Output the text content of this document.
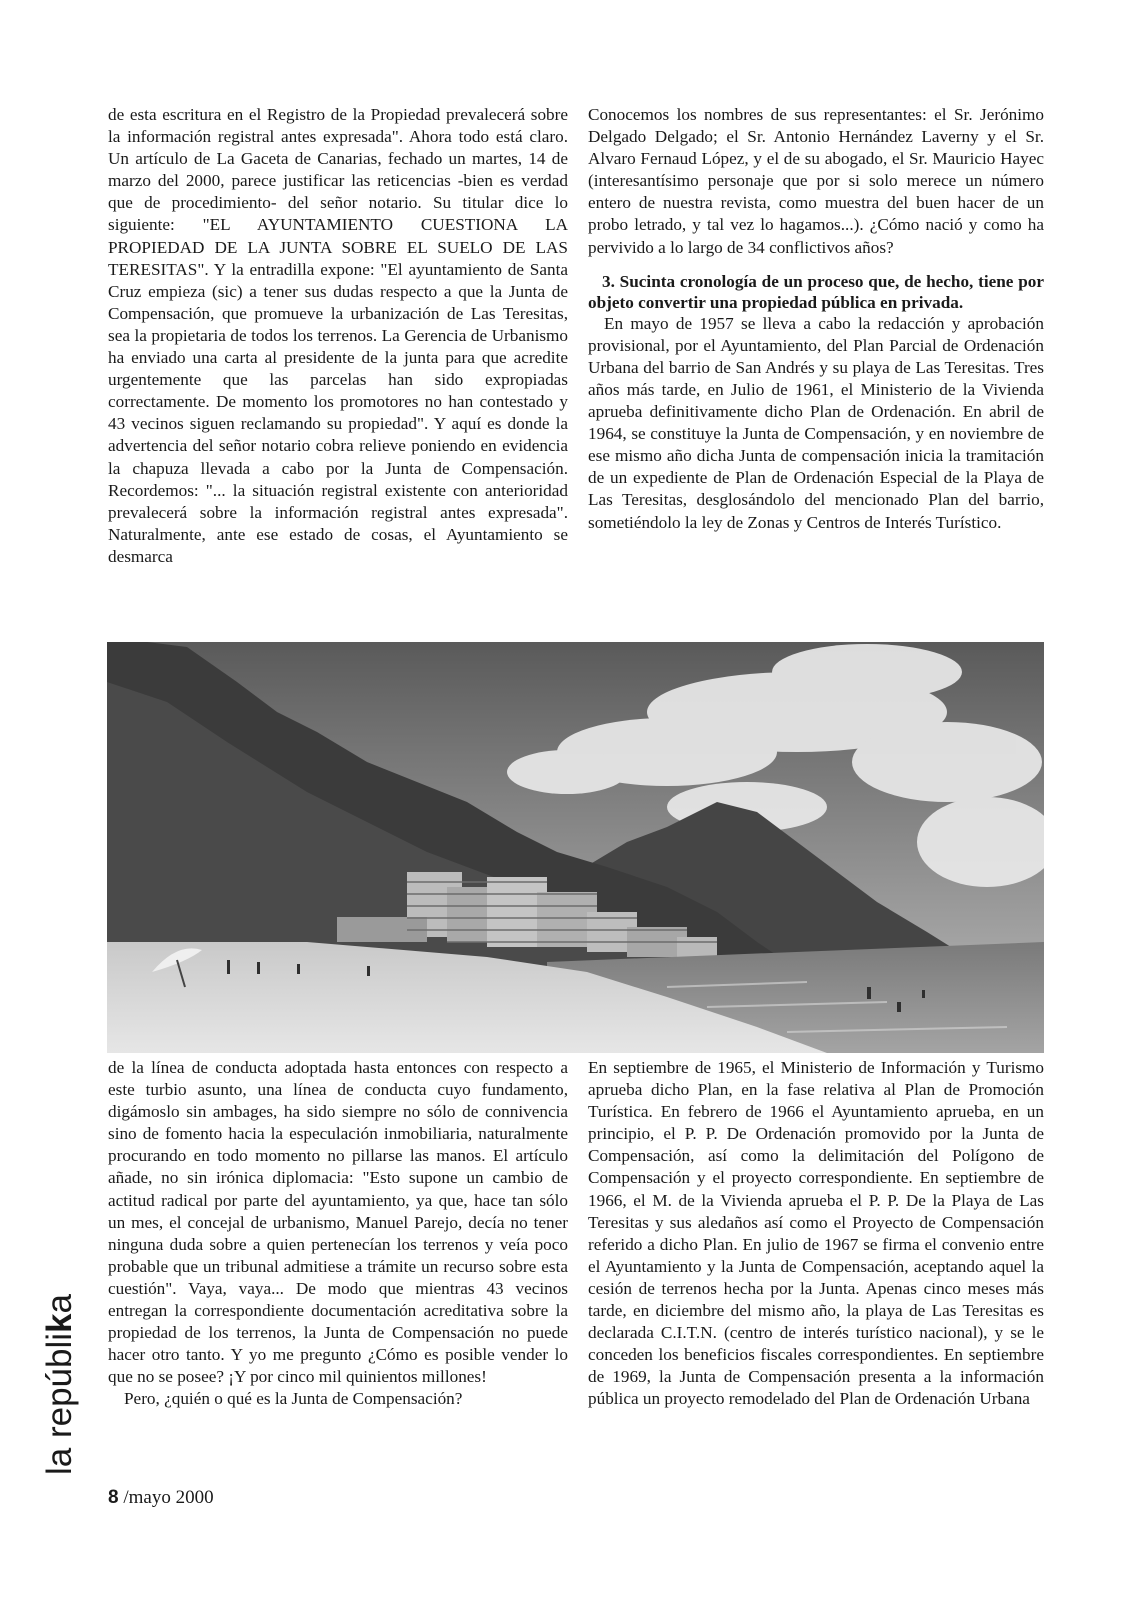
de esta escritura en el Registro de la Propiedad prevalecerá sobre la información registral antes expresada". Ahora todo está claro. Un artículo de La Gaceta de Canarias, fechado un martes, 14 de marzo del 2000, parece justificar las reticencias -bien es verdad que de procedimiento- del señor notario. Su titular dice lo siguiente: "EL AYUNTAMIENTO CUESTIONA LA PROPIEDAD DE LA JUNTA SOBRE EL SUELO DE LAS TERESITAS". Y la entradilla expone: "El ayuntamiento de Santa Cruz empieza (sic) a tener sus dudas respecto a que la Junta de Compensación, que promueve la urbanización de Las Teresitas, sea la propietaria de todos los terrenos. La Gerencia de Urbanismo ha enviado una carta al presidente de la junta para que acredite urgentemente que las parcelas han sido expropiadas correctamente. De momento los promotores no han contestado y 43 vecinos siguen reclamando su propiedad". Y aquí es donde la advertencia del señor notario cobra relieve poniendo en evidencia la chapuza llevada a cabo por la Junta de Compensación. Recordemos: "... la situación registral existente con anterioridad prevalecerá sobre la información registral antes expresada". Naturalmente, ante ese estado de cosas, el Ayuntamiento se desmarca

Conocemos los nombres de sus representantes: el Sr. Jerónimo Delgado Delgado; el Sr. Antonio Hernández Laverny y el Sr. Alvaro Fernaud López, y el de su abogado, el Sr. Mauricio Hayec (interesantísimo personaje que por si solo merece un número entero de nuestra revista, como muestra del buen hacer de un probo letrado, y tal vez lo hagamos...). ¿Cómo nació y como ha pervivido a lo largo de 34 conflictivos años?

3. Sucinta cronología de un proceso que, de hecho, tiene por objeto convertir una propiedad pública en privada.

En mayo de 1957 se lleva a cabo la redacción y aprobación provisional, por el Ayuntamiento, del Plan Parcial de Ordenación Urbana del barrio de San Andrés y su playa de Las Teresitas. Tres años más tarde, en Julio de 1961, el Ministerio de la Vivienda aprueba definitivamente dicho Plan de Ordenación. En abril de 1964, se constituye la Junta de Compensación, y en noviembre de ese mismo año dicha Junta de compensación inicia la tramitación de un expediente de Plan de Ordenación Especial de la Playa de Las Teresitas, desglosándolo del mencionado Plan del barrio, sometiéndolo la ley de Zonas y Centros de Interés Turístico.

de la línea de conducta adoptada hasta entonces con respecto a este turbio asunto, una línea de conducta cuyo fundamento, digámoslo sin ambages, ha sido siempre no sólo de connivencia sino de fomento hacia la especulación inmobiliaria, naturalmente procurando en todo momento no pillarse las manos. El artículo añade, no sin irónica diplomacia: "Esto supone un cambio de actitud radical por parte del ayuntamiento, ya que, hace tan sólo un mes, el concejal de urbanismo, Manuel Parejo, decía no tener ninguna duda sobre a quien pertenecían los terrenos y veía poco probable que un tribunal admitiese a trámite un recurso sobre esta cuestión". Vaya, vaya... De modo que mientras 43 vecinos entregan la correspondiente documentación acreditativa sobre la propiedad de los terrenos, la Junta de Compensación no puede hacer otro tanto. Y yo me pregunto ¿Cómo es posible vender lo que no se posee? ¡Y por cinco mil quinientos millones!

Pero, ¿quién o qué es la Junta de Compensación?

En septiembre de 1965, el Ministerio de Información y Turismo aprueba dicho Plan, en la fase relativa al Plan de Promoción Turística. En febrero de 1966 el Ayuntamiento aprueba, en un principio, el P. P. De Ordenación promovido por la Junta de Compensación, así como la delimitación del Polígono de Compensación y el proyecto correspondiente. En septiembre de 1966, el M. de la Vivienda aprueba el P. P. De la Playa de Las Teresitas y sus aledaños así como el Proyecto de Compensación referido a dicho Plan. En julio de 1967 se firma el convenio entre el Ayuntamiento y la Junta de Compensación, aceptando aquel la cesión de terrenos hecha por la Junta. Apenas cinco meses más tarde, en diciembre del mismo año, la playa de Las Teresitas es declarada C.I.T.N. (centro de interés turístico nacional), y se le conceden los beneficios fiscales correspondientes. En septiembre de 1969, la Junta de Compensación presenta a la información pública un proyecto remodelado del Plan de Ordenación Urbana

la repúblika
8 /mayo 2000
